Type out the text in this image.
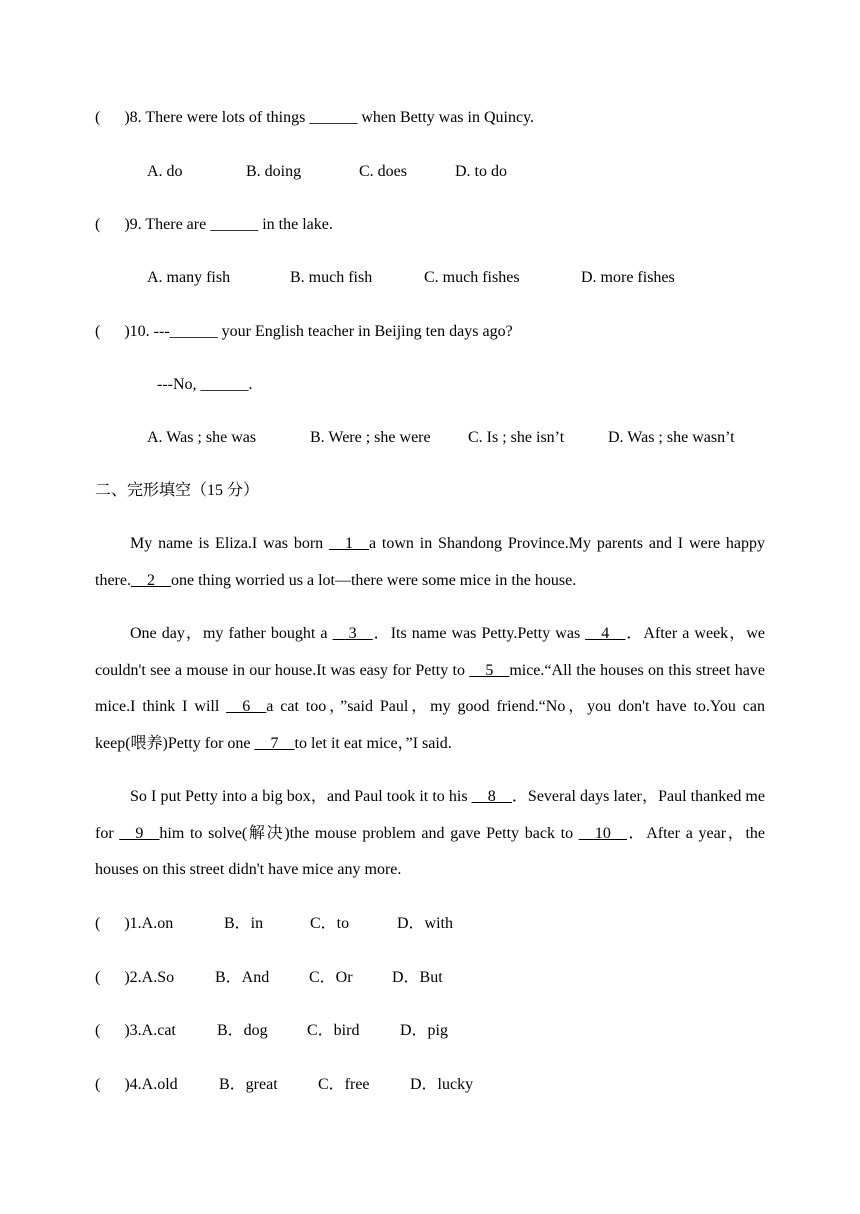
(      )8. There were lots of things ______ when Betty was in Quincy.
A. do	B. doing	C. does	D. to do
(      )9. There are ______ in the lake.
A. many fish	B. much fish	C. much fishes	D. more fishes
(      )10. ---______ your English teacher in Beijing ten days ago?
---No, ______.
A. Was ; she was	B. Were ; she were C. Is ; she isn’t	D. Was ; she wasn’t
二、完形填空（15 分）
My name is Eliza.I was born __1__a town in Shandong Province.My parents and I were happy there.__2__one thing worried us a lot—there were some mice in the house.
One day，my father bought a __3__．Its name was Petty.Petty was __4__．After a week，we couldn't see a mouse in our house.It was easy for Petty to __5__mice.“All the houses on this street have mice.I think I will __6__a cat too，”said Paul，my good friend.“No，you don't have to.You can keep(喂养)Petty for one __7__to let it eat mice，”I said.
So I put Petty into a big box，and Paul took it to his __8__．Several days later，Paul thanked me for __9__him to solve(解决)the mouse problem and gave Petty back to __10__．After a year，the houses on this street didn't have mice any more.
(      )1.A.on	B．in	C．to	D．with
(      )2.A.So	B．And C．Or D．But
(      )3.A.cat	B．dog C．bird	D．pig
(      )4.A.old	B．great	C．free	D．lucky
